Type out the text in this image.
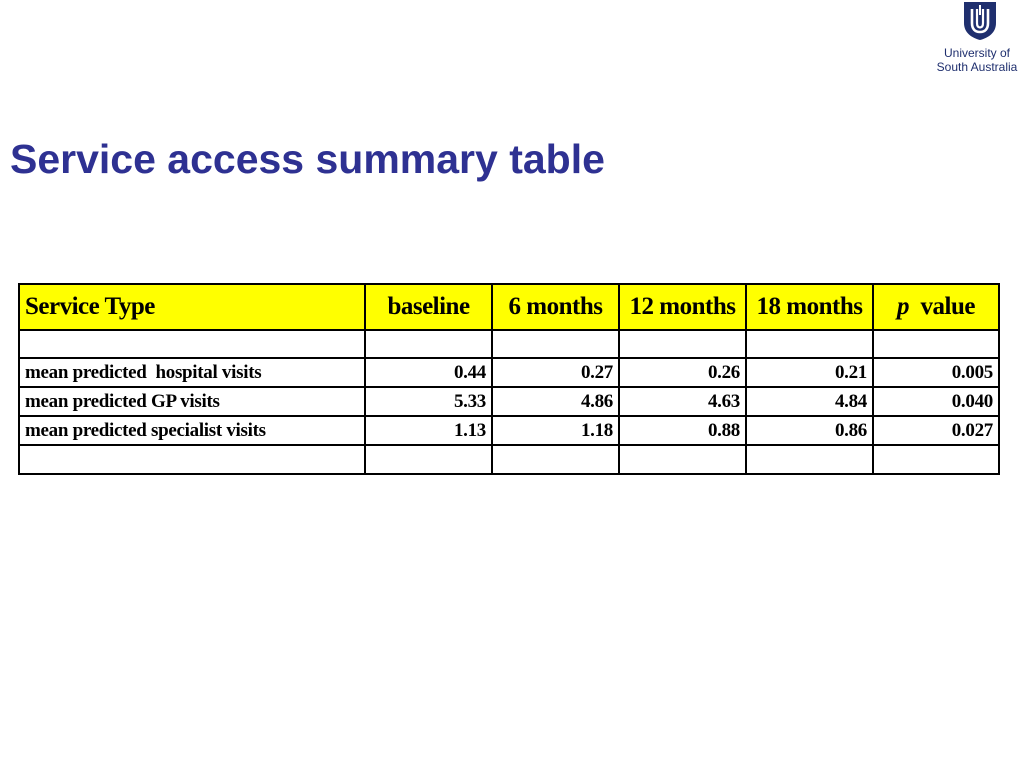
University of
South Australia
Service access summary table
Service Type	baseline	6 months	12 months	18 months	p value

mean predicted  hospital visits	0.44	0.27	0.26	0.21	0.005
mean predicted GP visits	5.33	4.86	4.63	4.84	0.040
mean predicted specialist visits	1.13	1.18	0.88	0.86	0.027
